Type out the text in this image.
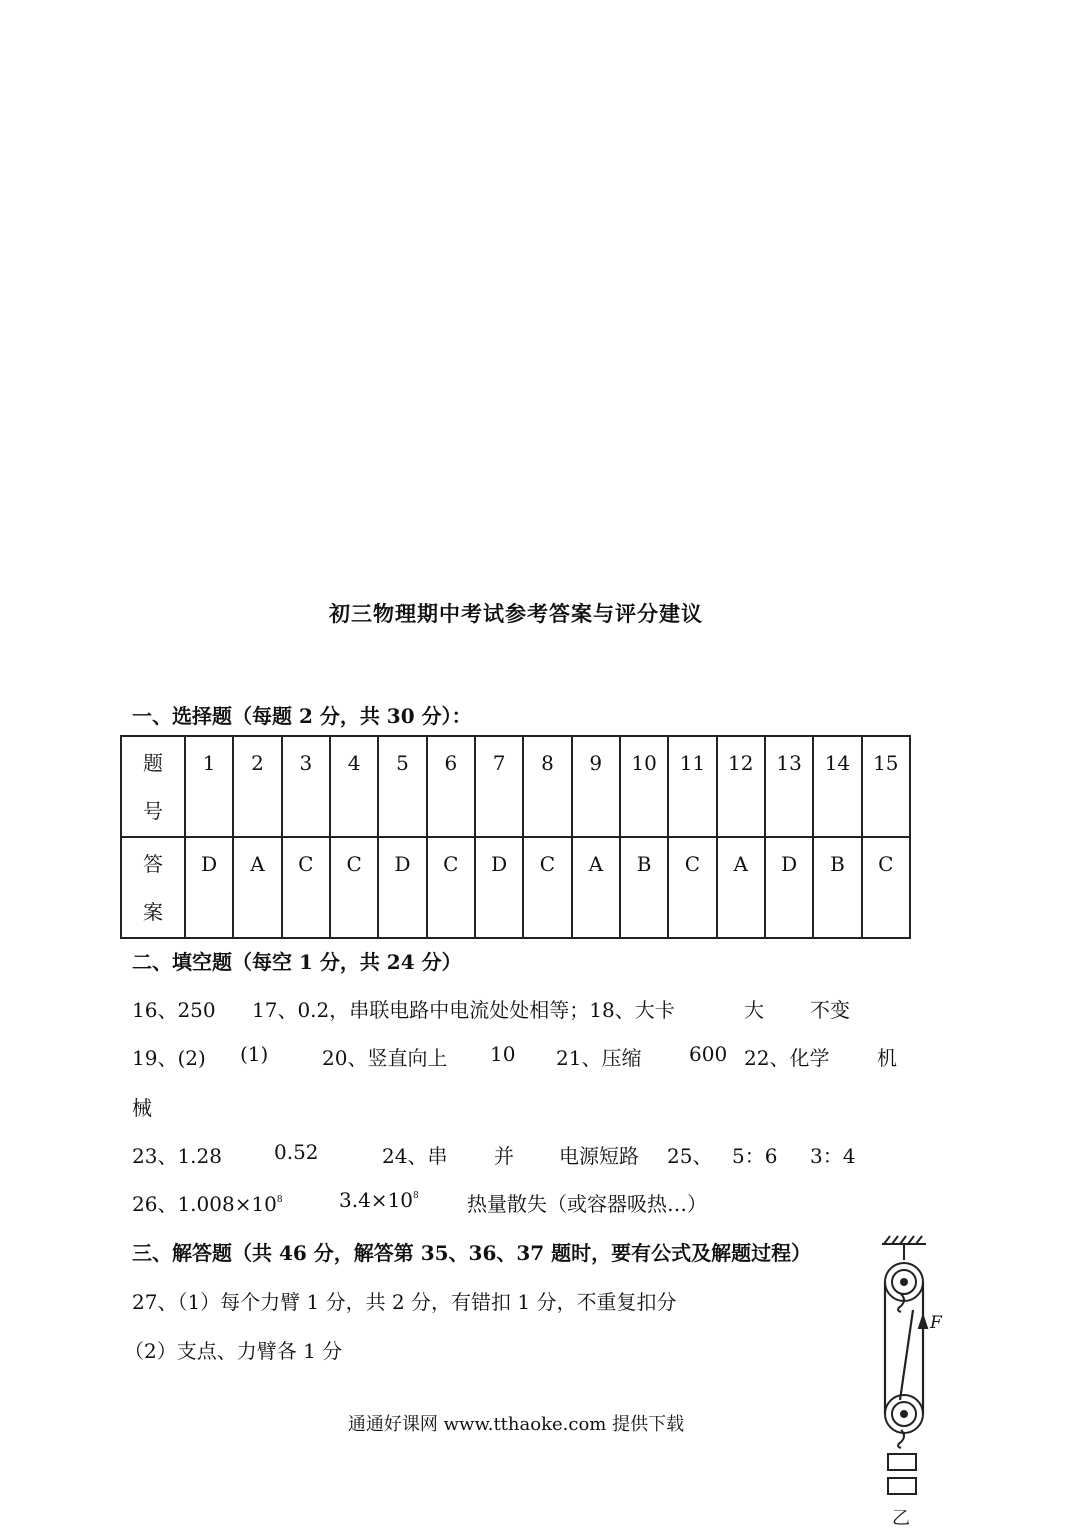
初三物理期中考试参考答案与评分建议
一、选择题（每题 2 分，共 30 分）：
题
号	1	2	3	4	5	6	7	8	9	10	11	12	13	14	15
答
案	D	A	C	C	D	C	D	C	A	B	C	A	D	B	C
二、填空题（每空 1 分，共 24 分）
16、250 17、0.2，串联电路中电流处处相等；18、大卡	大 不变
19、(2) (1)	20、竖直向上 10 21、压缩 600 22、化学 机
械
23、1.28	0.52	24、串 并 电源短路 25、 5：6 3：4
26、$1.008\times 10^8$	$3.4\times 10^8$ 热量散失（或容器吸热…）
三、解答题（共 46 分，解答第 35、36、37 题时，要有公式及解题过程）
27、（1）每个力臂 1 分，共 2 分，有错扣 1 分，不重复扣分
（2）支点、力臂各 1 分
通通好课网 www.tthaoke.com 提供下载
F
乙
